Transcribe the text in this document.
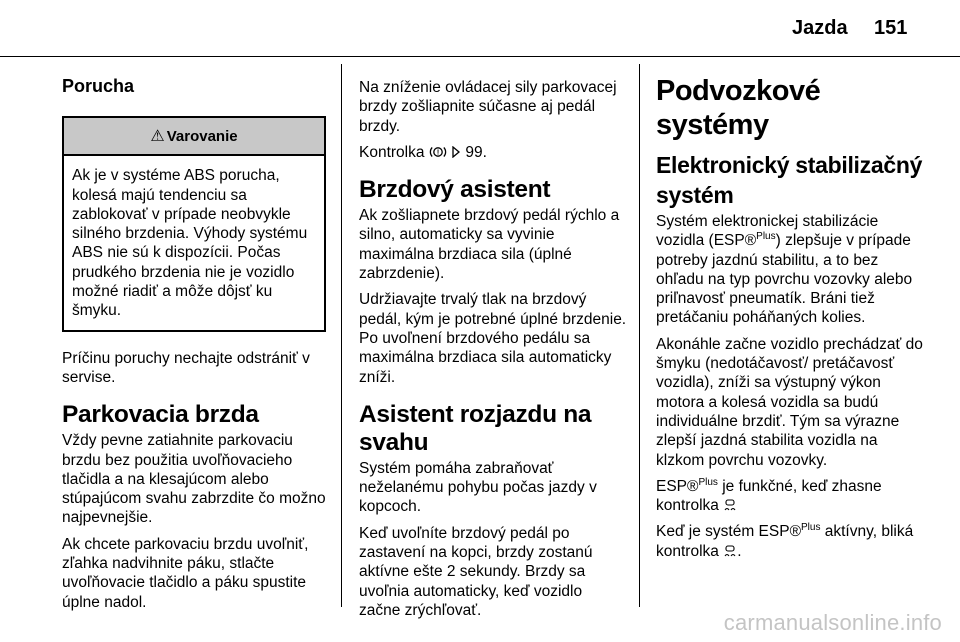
Jazda 151
Porucha
⚠ Varovanie
Ak je v systéme ABS porucha, kolesá majú tendenciu sa zablokovať v prípade neobvykle silného brzdenia. Výhody systému ABS nie sú k dispozícii. Počas prudkého brzdenia nie je vozidlo možné riadiť a môže dôjsť ku šmyku.

Príčinu poruchy nechajte odstrániť v servise.

Parkovacia brzda

Vždy pevne zatiahnite parkovaciu brzdu bez použitia uvoľňovacieho tlačidla a na klesajúcom alebo stúpajúcom svahu zabrzdite čo možno najpevnejšie.

Ak chcete parkovaciu brzdu uvoľniť, zľahka nadvihnite páku, stlačte uvoľňovacie tlačidlo a páku spustite úplne nadol.

Na zníženie ovládacej sily parkovacej brzdy zošliapnite súčasne aj pedál brzdy.

Kontrolka ! 99.

Brzdový asistent

Ak zošliapnete brzdový pedál rýchlo a silno, automaticky sa vyvinie maximálna brzdiaca sila (úplné zabrzdenie).

Udržiavajte trvalý tlak na brzdový pedál, kým je potrebné úplné brzdenie. Po uvoľnení brzdového pedálu sa maximálna brzdiaca sila automaticky zníži.

Asistent rozjazdu na svahu

Systém pomáha zabraňovať neželanému pohybu počas jazdy v kopcoch.

Keď uvoľníte brzdový pedál po zastavení na kopci, brzdy zostanú aktívne ešte 2 sekundy. Brzdy sa uvoľnia automaticky, keď vozidlo začne zrýchľovať.

Podvozkové systémy
Elektronický stabilizačný systém

Systém elektronickej stabilizácie vozidla (ESP®$^{Plus}$) zlepšuje v prípade potreby jazdnú stabilitu, a to bez ohľadu na typ povrchu vozovky alebo priľnavosť pneumatík. Bráni tiež pretáčaniu poháňaných kolies.

Akonáhle začne vozidlo prechádzať do šmyku (nedotáčavosť/ pretáčavosť vozidla), zníži sa výstupný výkon motora a kolesá vozidla sa budú individuálne brzdiť. Tým sa výrazne zlepší jazdná stabilita vozidla na klzkom povrchu vozovky.

ESP®$^{Plus}$ je funkčné, keď zhasne kontrolka

Keď je systém ESP®$^{Plus}$ aktívny, bliká kontrolka .

carmanualsonline.info
